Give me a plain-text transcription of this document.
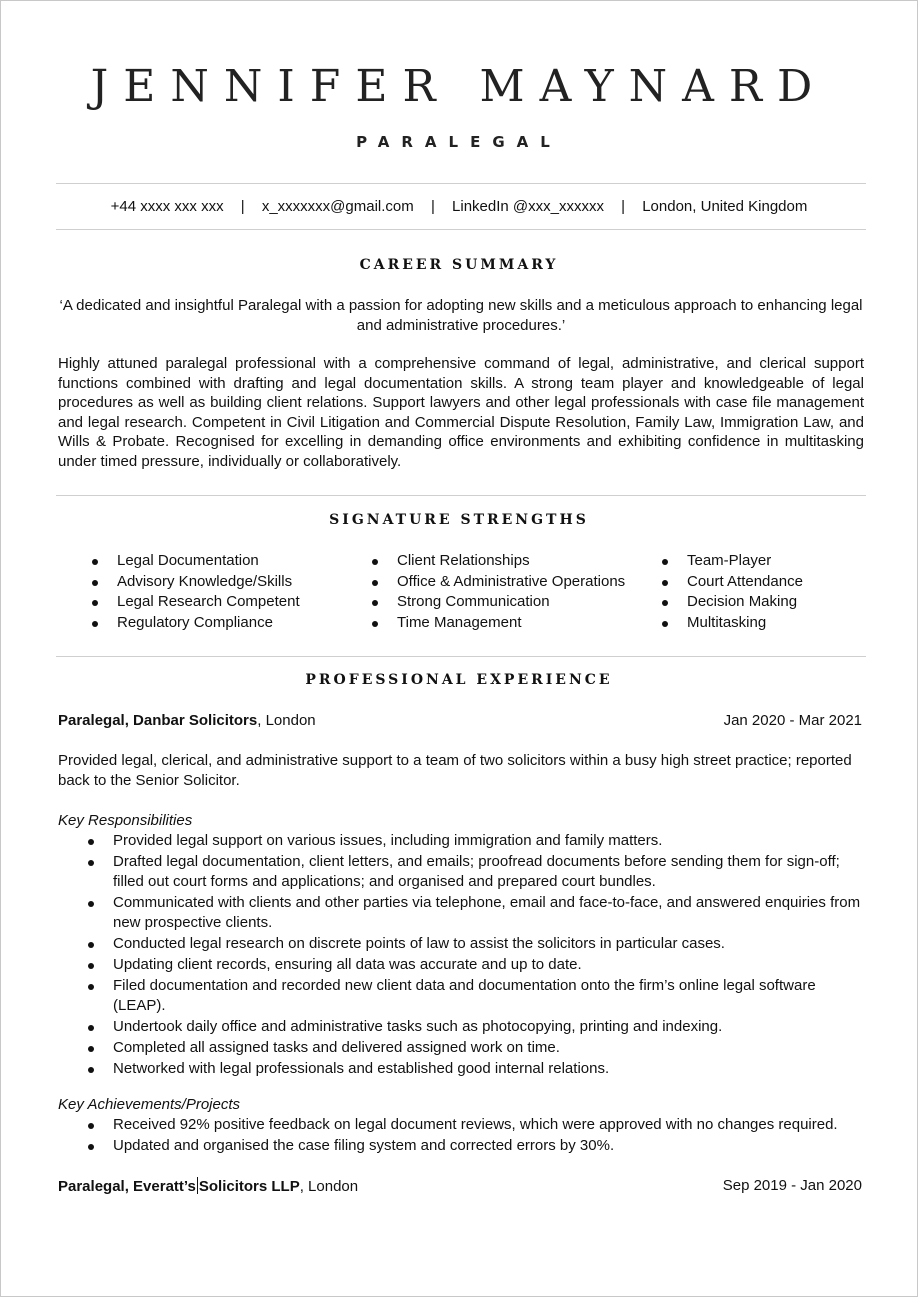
JENNIFER MAYNARD
PARALEGAL
+44 xxxx xxx xxx | x_xxxxxxx@gmail.com | LinkedIn @xxx_xxxxxx | London, United Kingdom
CAREER SUMMARY
‘A dedicated and insightful Paralegal with a passion for adopting new skills and a meticulous approach to enhancing legal and administrative procedures.’
Highly attuned paralegal professional with a comprehensive command of legal, administrative, and clerical support functions combined with drafting and legal documentation skills. A strong team player and knowledgeable of legal procedures as well as building client relations. Support lawyers and other legal professionals with case file management and legal research. Competent in Civil Litigation and Commercial Dispute Resolution, Family Law, Immigration Law, and Wills & Probate. Recognised for excelling in demanding office environments and exhibiting confidence in multitasking under timed pressure, individually or collaboratively.
SIGNATURE STRENGTHS
Legal Documentation
Advisory Knowledge/Skills
Legal Research Competent
Regulatory Compliance
Client Relationships
Office & Administrative Operations
Strong Communication
Time Management
Team-Player
Court Attendance
Decision Making
Multitasking
PROFESSIONAL EXPERIENCE
Paralegal, Danbar Solicitors, London	Jan 2020 - Mar 2021
Provided legal, clerical, and administrative support to a team of two solicitors within a busy high street practice; reported back to the Senior Solicitor.
Key Responsibilities
Provided legal support on various issues, including immigration and family matters.
Drafted legal documentation, client letters, and emails; proofread documents before sending them for sign-off; filled out court forms and applications; and organised and prepared court bundles.
Communicated with clients and other parties via telephone, email and face-to-face, and answered enquiries from new prospective clients.
Conducted legal research on discrete points of law to assist the solicitors in particular cases.
Updating client records, ensuring all data was accurate and up to date.
Filed documentation and recorded new client data and documentation onto the firm’s online legal software (LEAP).
Undertook daily office and administrative tasks such as photocopying, printing and indexing.
Completed all assigned tasks and delivered assigned work on time.
Networked with legal professionals and established good internal relations.
Key Achievements/Projects
Received 92% positive feedback on legal document reviews, which were approved with no changes required.
Updated and organised the case filing system and corrected errors by 30%.
Paralegal, Everatt’s Solicitors LLP, London	Sep 2019 - Jan 2020
